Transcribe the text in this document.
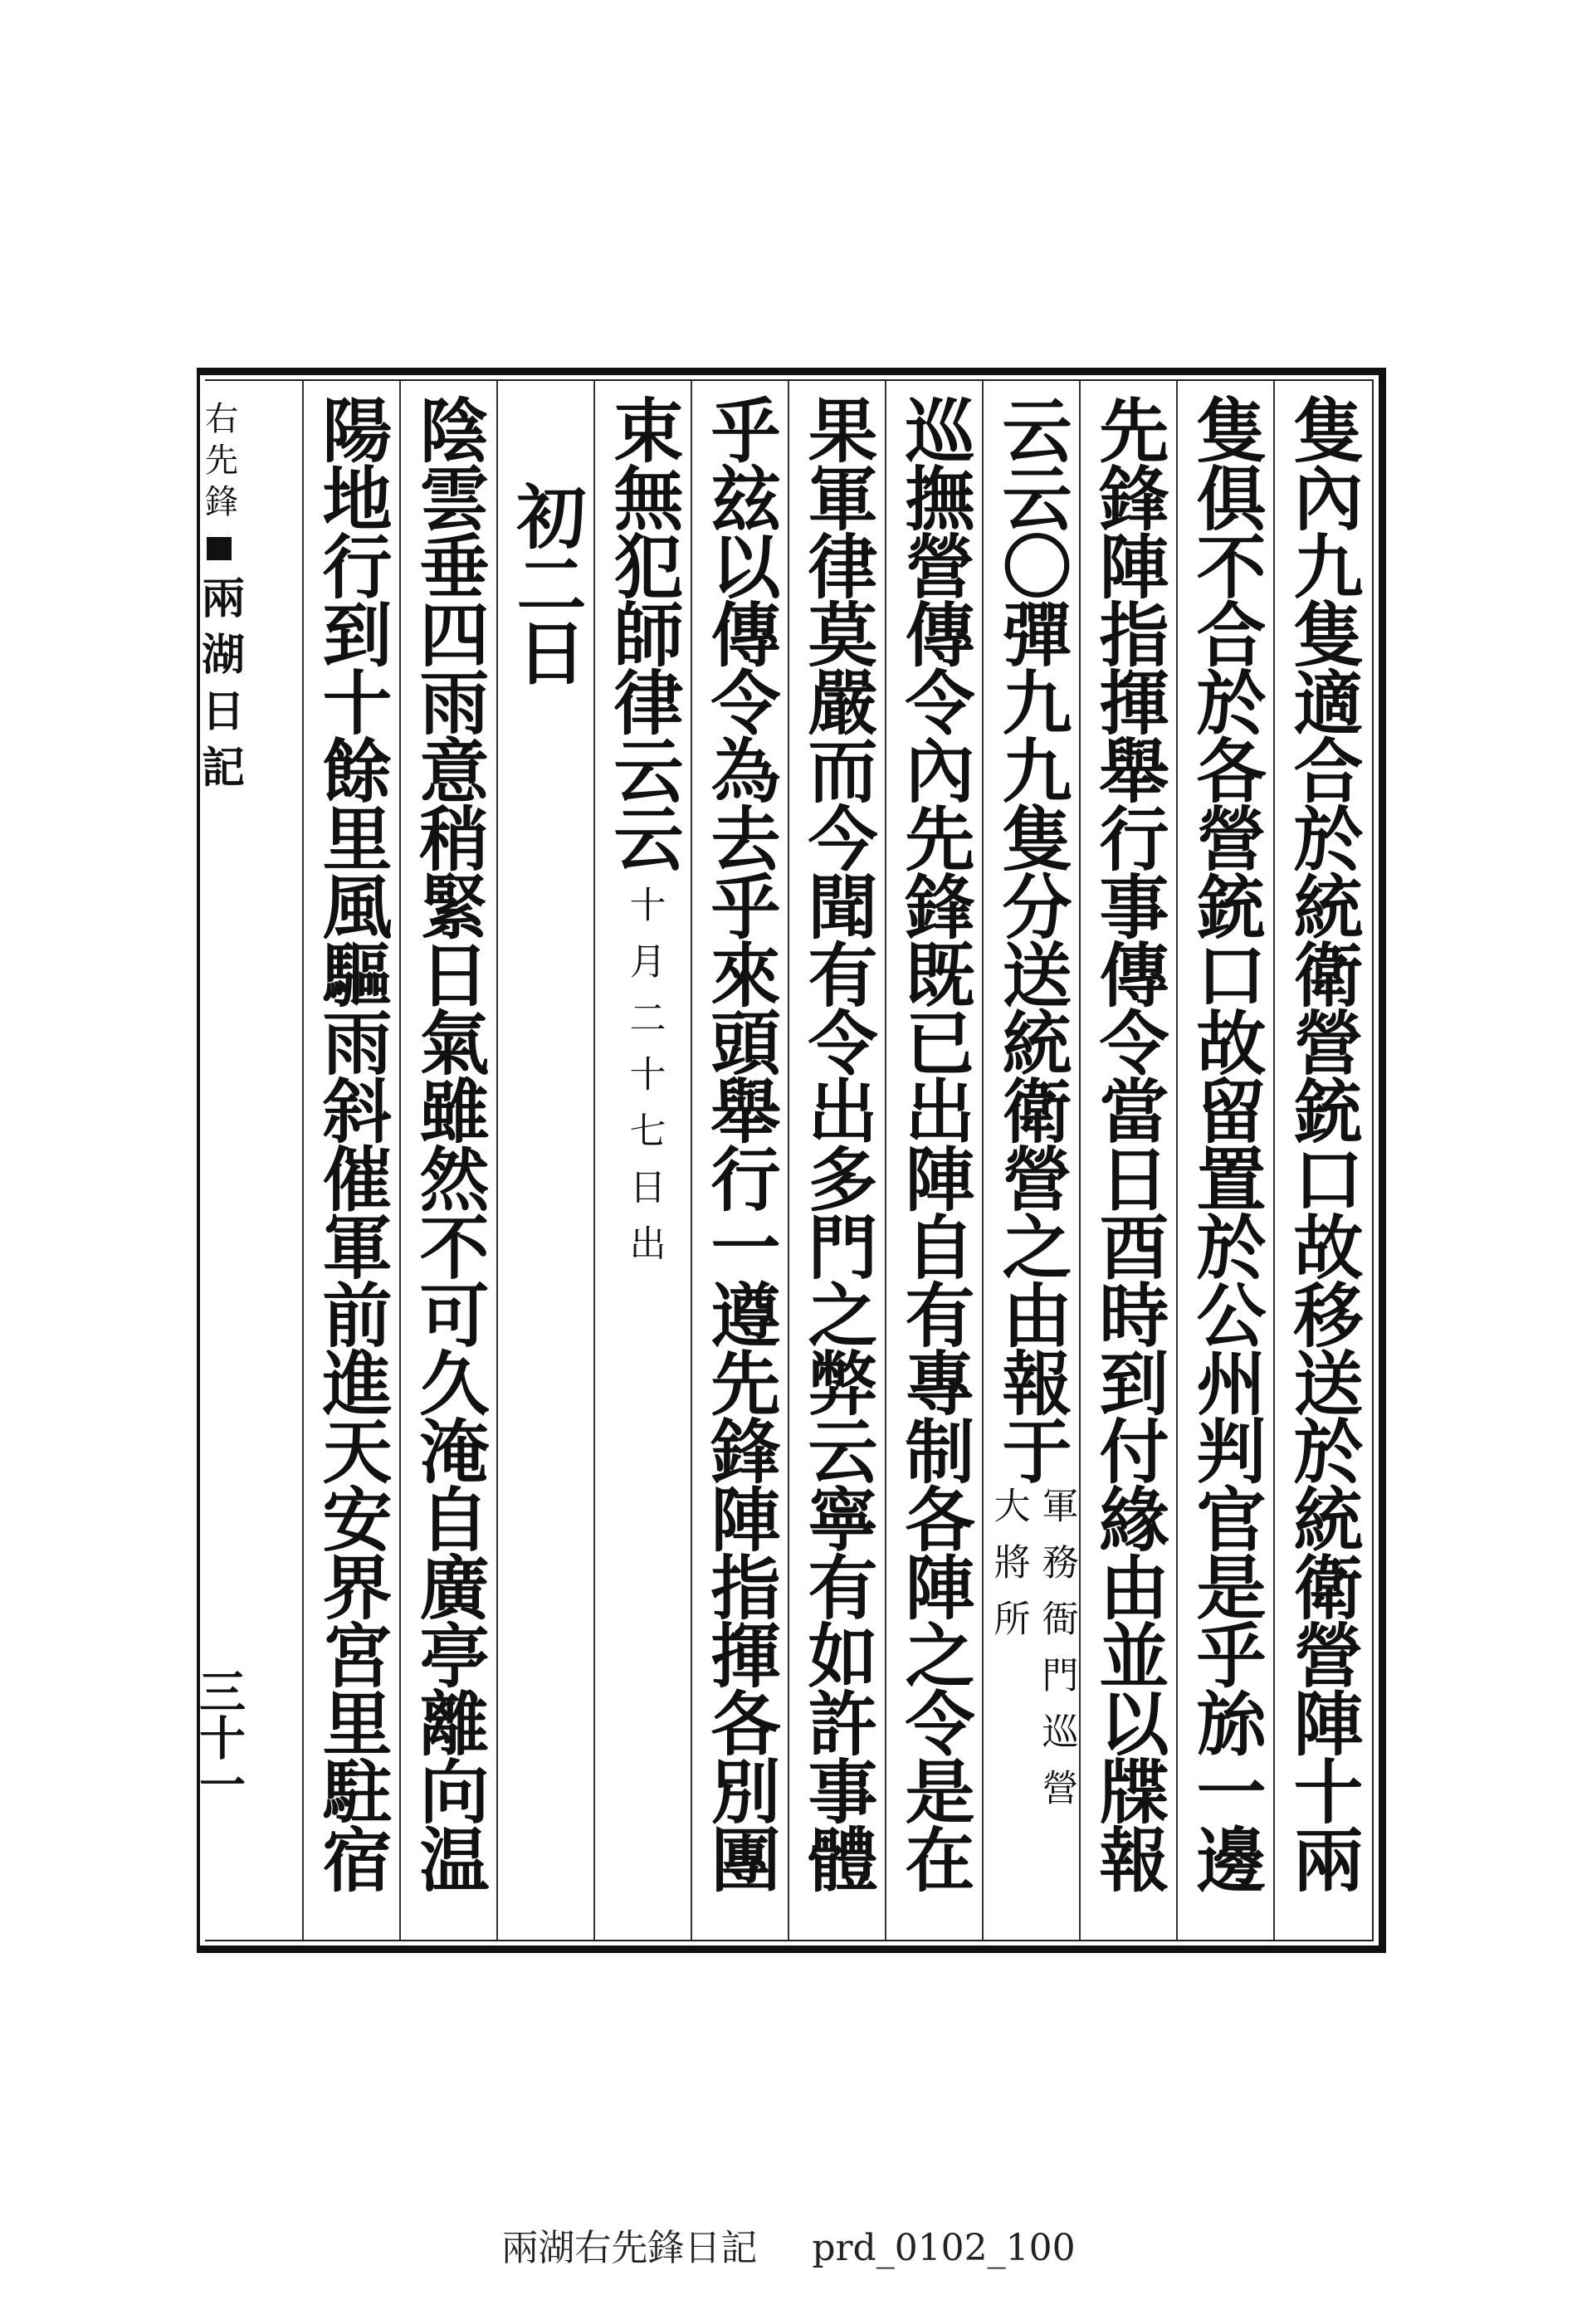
右先鋒
兩湖日記
三十一	隻內九隻適合於統衛營銃口故移送於統衛營陣十兩
隻俱不合於各營銃口故留置於公州判官是乎旀一邊
先鋒陣指揮舉行事傳令當日酉時到付緣由並以牒報
云云〇彈九九隻分送統衛營之由報于
軍務衙門巡營
大將所
巡撫營傳令內先鋒既已出陣自有專制各陣之令是在
果軍律莫嚴而今聞有令出多門之弊云寧有如許事體
乎玆以傳令為去乎來頭舉行一遵先鋒陣指揮各別團
束無犯師律云云
十月二十七日出
初二日
陰雲垂四雨意稍緊日氣雖然不可久淹自廣亭離向温
陽地行到十餘里風驅雨斜催軍前進天安界宮里駐宿
兩湖右先鋒日記 prd_0102_100
